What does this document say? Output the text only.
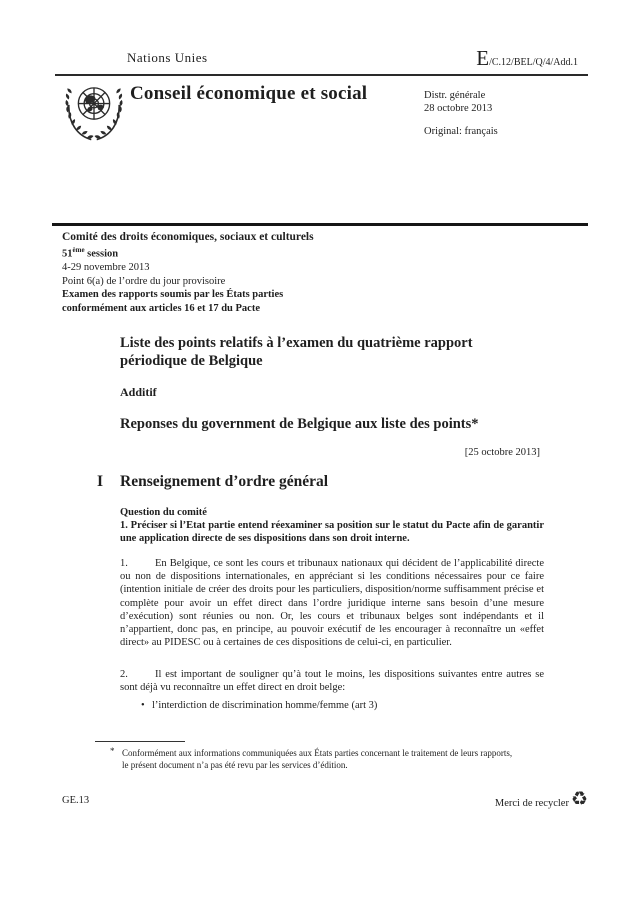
Nations Unies	E/C.12/BEL/Q/4/Add.1
Conseil économique et social	Distr. générale
28 octobre 2013
Original: français
Comité des droits économiques, sociaux et culturels
51ème session
4-29 novembre 2013
Point 6(a) de l’ordre du jour provisoire
Examen des rapports soumis par les États parties
conformément aux articles 16 et 17 du Pacte
Liste des points relatifs à l’examen du quatrième rapport périodique de Belgique
Additif
Reponses du government de Belgique aux liste des points*
[25 octobre 2013]
I Renseignement d’ordre général
Question du comité
1. Préciser si l’Etat partie entend réexaminer sa position sur le statut du Pacte afin de garantir une application directe de ses dispositions dans son droit interne.
1.	En Belgique, ce sont les cours et tribunaux nationaux qui décident de l’applicabilité directe ou non de dispositions internationales, en appréciant si les conditions nécessaires pour ce faire (intention initiale de créer des droits pour les particuliers, disposition/norme suffisamment précise et complète pour avoir un effet direct dans l’ordre juridique interne sans besoin d’une mesure d’exécution) sont réunies ou non. Or, les cours et tribunaux belges sont indépendants et il n’appartient, donc pas, en principe, au pouvoir exécutif de les encourager à reconnaître un «effet direct» au PIDESC ou à certaines de ces dispositions de celui-ci, en particulier.
2.	Il est important de souligner qu’à tout le moins, les dispositions suivantes entre autres se sont déjà vu reconnaître un effet direct en droit belge:
• l’interdiction de discrimination homme/femme (art 3)
* Conformément aux informations communiquées aux États parties concernant le traitement de leurs rapports, le présent document n’a pas été revu par les services d’édition.
GE.13	Merci de recycler ♻
